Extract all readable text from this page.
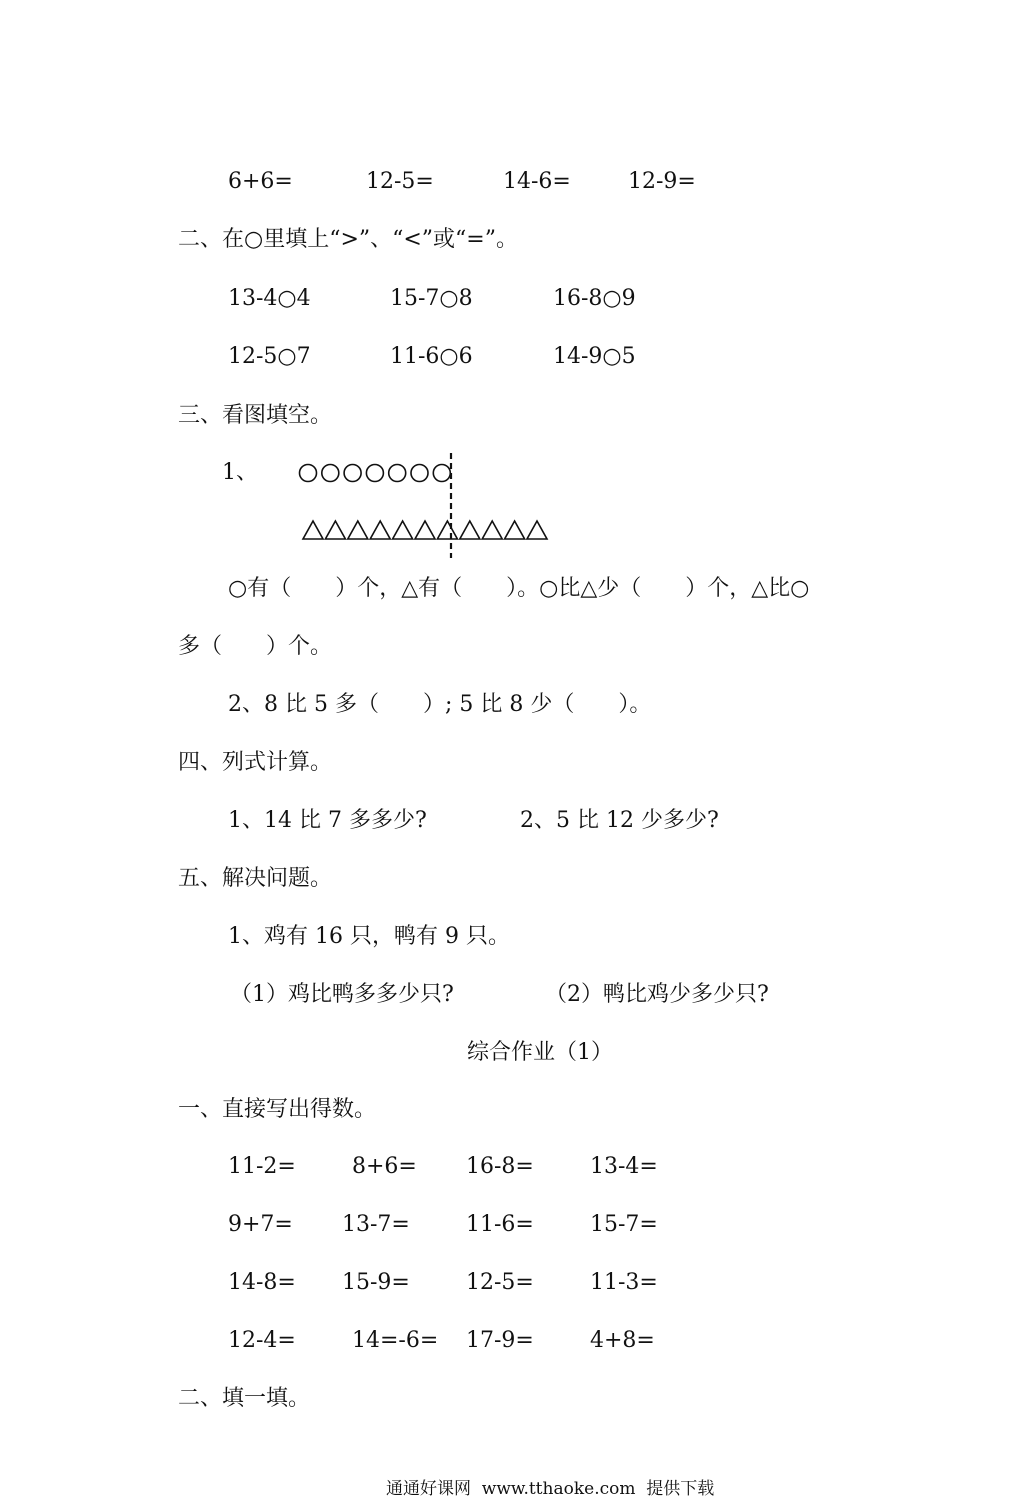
6+6=	12-5=	14-6=	12-9=
二、在○里填上“>”、“<”或“=”。
13-4○4	15-7○8	16-8○9
12-5○7	11-6○6	14-9○5
三、看图填空。
1、
○有（　　）个，△有（　　）。○比△少（　　）个，△比○
多（　　）个。
2、8 比 5 多（　　）; 5 比 8 少（　　）。
四、列式计算。
1、14 比 7 多多少?	2、5 比 12 少多少?
五、解决问题。
1、鸡有 16 只，鸭有 9 只。
（1）鸡比鸭多多少只?	（2）鸭比鸡少多少只?
综合作业（1）
一、直接写出得数。
11-2=	8+6= 16-8=	13-4=
9+7= 13-7=	11-6=	15-7=
14-8= 15-9=	12-5=	11-3=
12-4=	14=-6= 17-9=	4+8=
二、填一填。
通通好课网  www.tthaoke.com  提供下载
